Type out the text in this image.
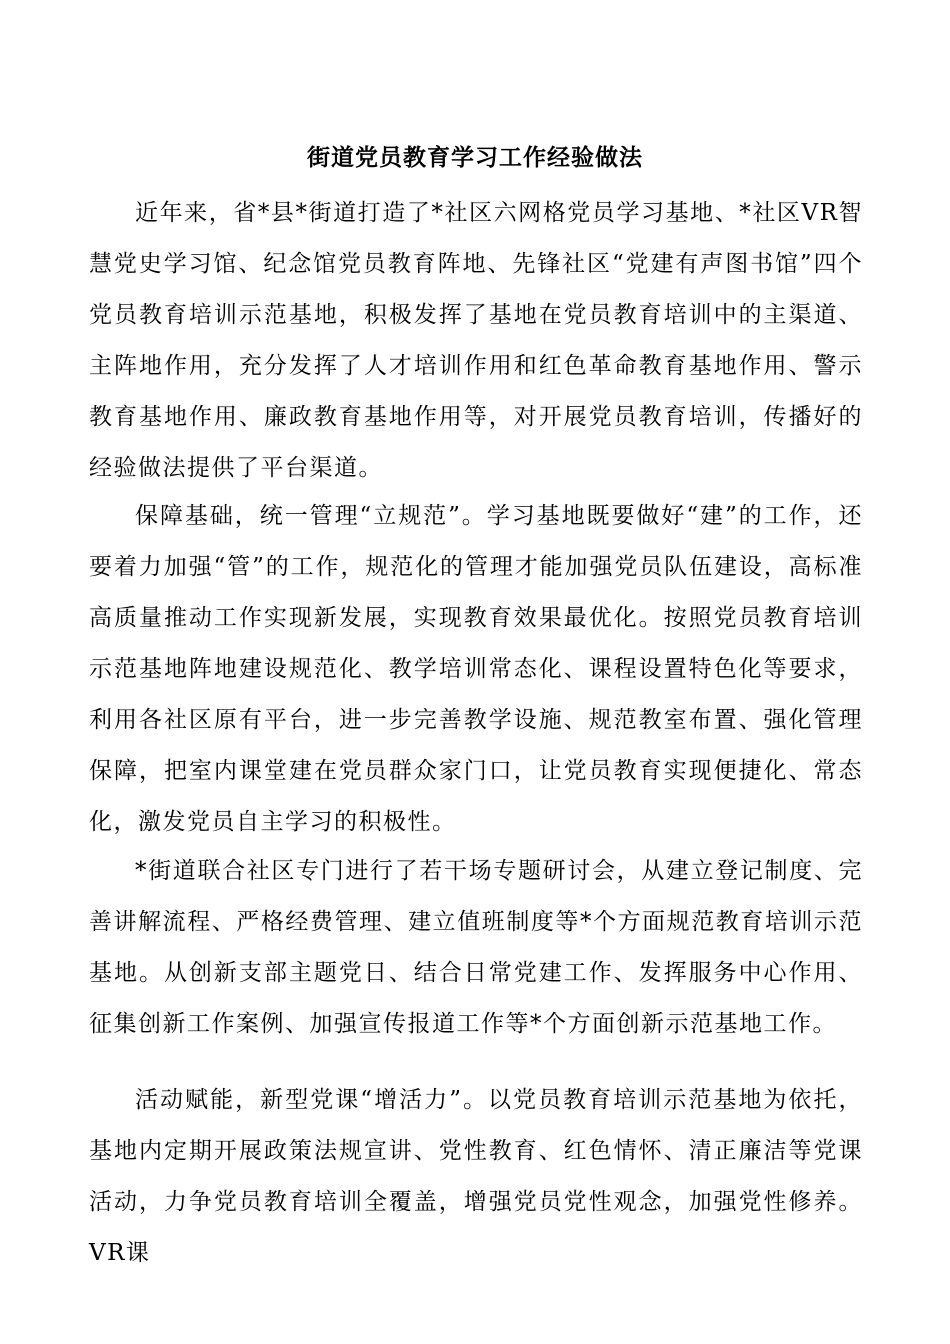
街道党员教育学习工作经验做法

近年来，省*县*街道打造了*社区六网格党员学习基地、*社区VR智慧党史学习馆、纪念馆党员教育阵地、先锋社区“党建有声图书馆”四个党员教育培训示范基地，积极发挥了基地在党员教育培训中的主渠道、主阵地作用，充分发挥了人才培训作用和红色革命教育基地作用、警示教育基地作用、廉政教育基地作用等，对开展党员教育培训，传播好的经验做法提供了平台渠道。

保障基础，统一管理“立规范”。学习基地既要做好“建”的工作，还要着力加强“管”的工作，规范化的管理才能加强党员队伍建设，高标准高质量推动工作实现新发展，实现教育效果最优化。按照党员教育培训示范基地阵地建设规范化、教学培训常态化、课程设置特色化等要求，利用各社区原有平台，进一步完善教学设施、规范教室布置、强化管理保障，把室内课堂建在党员群众家门口，让党员教育实现便捷化、常态化，激发党员自主学习的积极性。

*街道联合社区专门进行了若干场专题研讨会，从建立登记制度、完善讲解流程、严格经费管理、建立值班制度等*个方面规范教育培训示范基地。从创新支部主题党日、结合日常党建工作、发挥服务中心作用、征集创新工作案例、加强宣传报道工作等*个方面创新示范基地工作。

活动赋能，新型党课“增活力”。以党员教育培训示范基地为依托，基地内定期开展政策法规宣讲、党性教育、红色情怀、清正廉洁等党课活动，力争党员教育培训全覆盖，增强党员党性观念，加强党性修养。VR课
